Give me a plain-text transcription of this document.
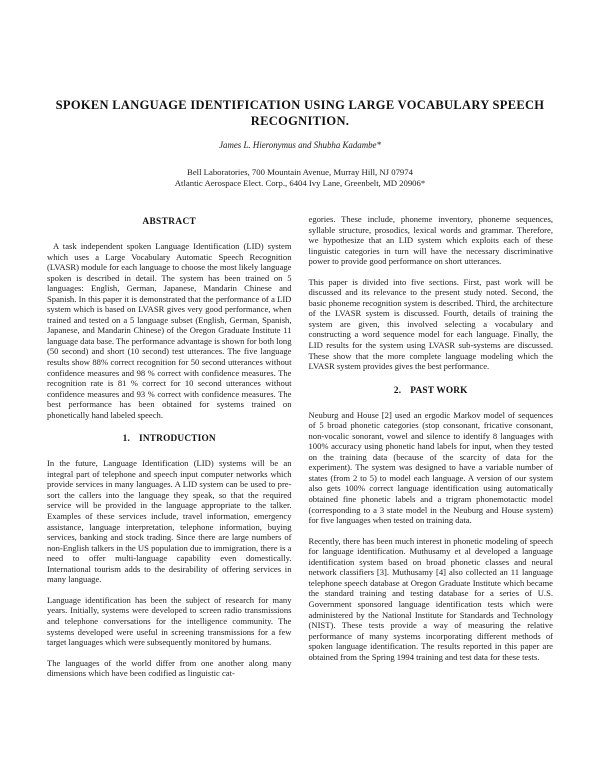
SPOKEN LANGUAGE IDENTIFICATION USING LARGE VOCABULARY SPEECH RECOGNITION.
James L. Hieronymus and Shubha Kadambe*
Bell Laboratories, 700 Mountain Avenue, Murray Hill, NJ 07974
Atlantic Aerospace Elect. Corp., 6404 Ivy Lane, Greenbelt, MD 20906*
ABSTRACT

A task independent spoken Language Identification (LID) system which uses a Large Vocabulary Automatic Speech Recognition (LVASR) module for each language to choose the most likely language spoken is described in detail. The system has been trained on 5 languages: English, German, Japanese, Mandarin Chinese and Spanish. In this paper it is demonstrated that the performance of a LID system which is based on LVASR gives very good performance, when trained and tested on a 5 language subset (English, German, Spanish, Japanese, and Mandarin Chinese) of the Oregon Graduate Institute 11 language data base. The performance advantage is shown for both long (50 second) and short (10 second) test utterances. The five language results show 88% correct recognition for 50 second utterances without confidence measures and 98 % correct with confidence measures. The recognition rate is 81 % correct for 10 second utterances without confidence measures and 93 % correct with confidence measures. The best performance has been obtained for systems trained on phonetically hand labeled speech.

1. INTRODUCTION

In the future, Language Identification (LID) systems will be an integral part of telephone and speech input computer networks which provide services in many languages. A LID system can be used to pre-sort the callers into the language they speak, so that the required service will be provided in the language appropriate to the talker. Examples of these services include, travel information, emergency assistance, language interpretation, telephone information, buying services, banking and stock trading. Since there are large numbers of non-English talkers in the US population due to immigration, there is a need to offer multi-language capability even domestically. International tourism adds to the desirability of offering services in many language.

Language identification has been the subject of research for many years. Initially, systems were developed to screen radio transmissions and telephone conversations for the intelligence community. The systems developed were useful in screening transmissions for a few target languages which were subsequently monitored by humans.

The languages of the world differ from one another along many dimensions which have been codified as linguistic cat-

egories. These include, phoneme inventory, phoneme sequences, syllable structure, prosodics, lexical words and grammar. Therefore, we hypothesize that an LID system which exploits each of these linguistic categories in turn will have the necessary discriminative power to provide good performance on short utterances.

This paper is divided into five sections. First, past work will be discussed and its relevance to the present study noted. Second, the basic phoneme recognition system is described. Third, the architecture of the LVASR system is discussed. Fourth, details of training the system are given, this involved selecting a vocabulary and constructing a word sequence model for each language. Finally, the LID results for the system using LVASR sub-systems are discussed. These show that the more complete language modeling which the LVASR system provides gives the best performance.

2. PAST WORK

Neuburg and House [2] used an ergodic Markov model of sequences of 5 broad phonetic categories (stop consonant, fricative consonant, non-vocalic sonorant, vowel and silence to identify 8 languages with 100% accuracy using phonetic hand labels for input, when they tested on the training data (because of the scarcity of data for the experiment). The system was designed to have a variable number of states (from 2 to 5) to model each language. A version of our system also gets 100% correct language identification using automatically obtained fine phonetic labels and a trigram phonemotactic model (corresponding to a 3 state model in the Neuburg and House system) for five languages when tested on training data.

Recently, there has been much interest in phonetic modeling of speech for language identification. Muthusamy et al developed a language identification system based on broad phonetic classes and neural network classifiers [3]. Muthusamy [4] also collected an 11 language telephone speech database at Oregon Graduate Institute which became the standard training and testing database for a series of U.S. Government sponsored language identification tests which were administered by the National Institute for Standards and Technology (NIST). These tests provide a way of measuring the relative performance of many systems incorporating different methods of spoken language identification. The results reported in this paper are obtained from the Spring 1994 training and test data for these tests.
